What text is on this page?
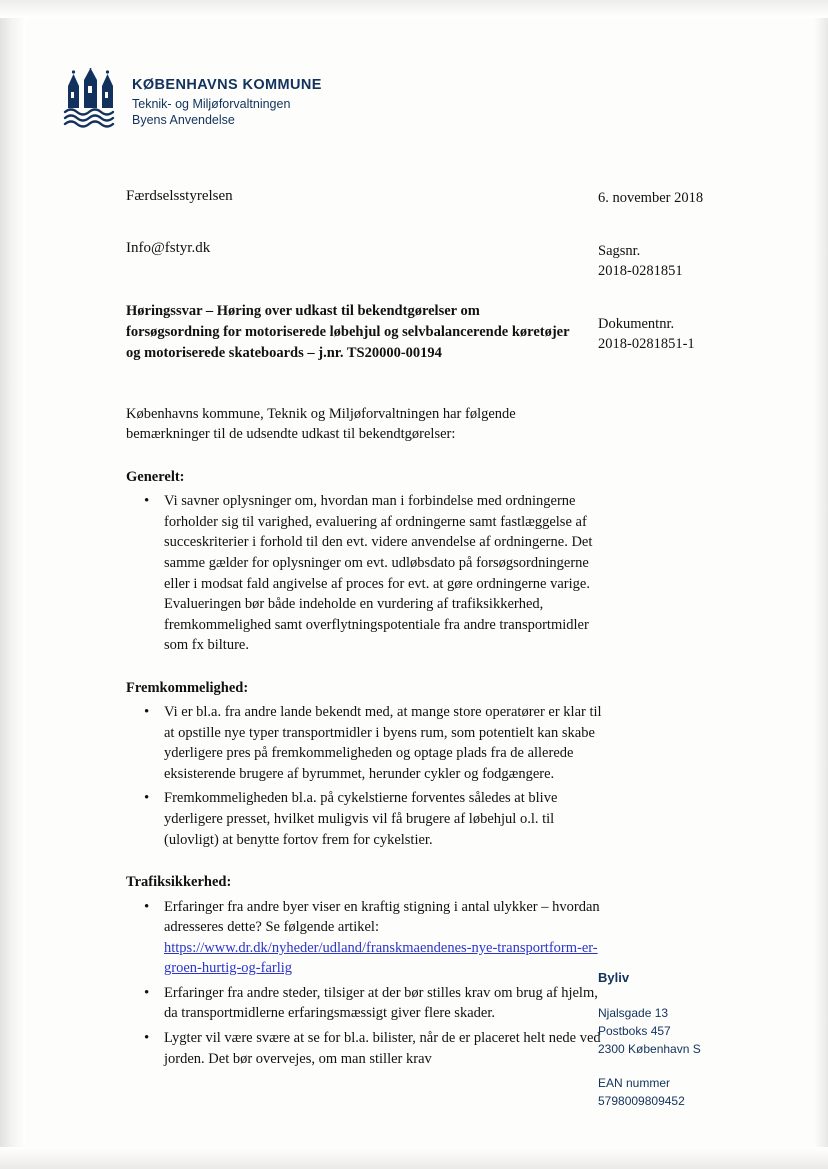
KØBENHAVNS KOMMUNE
Teknik- og Miljøforvaltningen
Byens Anvendelse
Færdselsstyrelsen
Info@fstyr.dk
Høringssvar – Høring over udkast til bekendtgørelser om forsøgsordning for motoriserede løbehjul og selvbalancerende køretøjer og motoriserede skateboards – j.nr. TS20000-00194
Københavns kommune, Teknik og Miljøforvaltningen har følgende bemærkninger til de udsendte udkast til bekendtgørelser:
Generelt:
• Vi savner oplysninger om, hvordan man i forbindelse med ordningerne forholder sig til varighed, evaluering af ordningerne samt fastlæggelse af succeskriterier i forhold til den evt. videre anvendelse af ordningerne. Det samme gælder for oplysninger om evt. udløbsdato på forsøgsordningerne eller i modsat fald angivelse af proces for evt. at gøre ordningerne varige. Evalueringen bør både indeholde en vurdering af trafiksikkerhed, fremkommelighed samt overflytningspotentiale fra andre transportmidler som fx bilture.
Fremkommelighed:
• Vi er bl.a. fra andre lande bekendt med, at mange store operatører er klar til at opstille nye typer transportmidler i byens rum, som potentielt kan skabe yderligere pres på fremkommeligheden og optage plads fra de allerede eksisterende brugere af byrummet, herunder cykler og fodgængere.
• Fremkommeligheden bl.a. på cykelstierne forventes således at blive yderligere presset, hvilket muligvis vil få brugere af løbehjul o.l. til (ulovligt) at benytte fortov frem for cykelstier.
Trafiksikkerhed:
• Erfaringer fra andre byer viser en kraftig stigning i antal ulykker – hvordan adresseres dette? Se følgende artikel:
https://www.dr.dk/nyheder/udland/franskmaendenes-nye-transportform-er-groen-hurtig-og-farlig
• Erfaringer fra andre steder, tilsiger at der bør stilles krav om brug af hjelm, da transportmidlerne erfaringsmæssigt giver flere skader.
• Lygter vil være svære at se for bl.a. bilister, når de er placeret helt nede ved jorden. Det bør overvejes, om man stiller krav
6. november 2018
Sagsnr.
2018-0281851
Dokumentnr.
2018-0281851-1
Byliv
Njalsgade 13
Postboks 457
2300 København S
EAN nummer
5798009809452
